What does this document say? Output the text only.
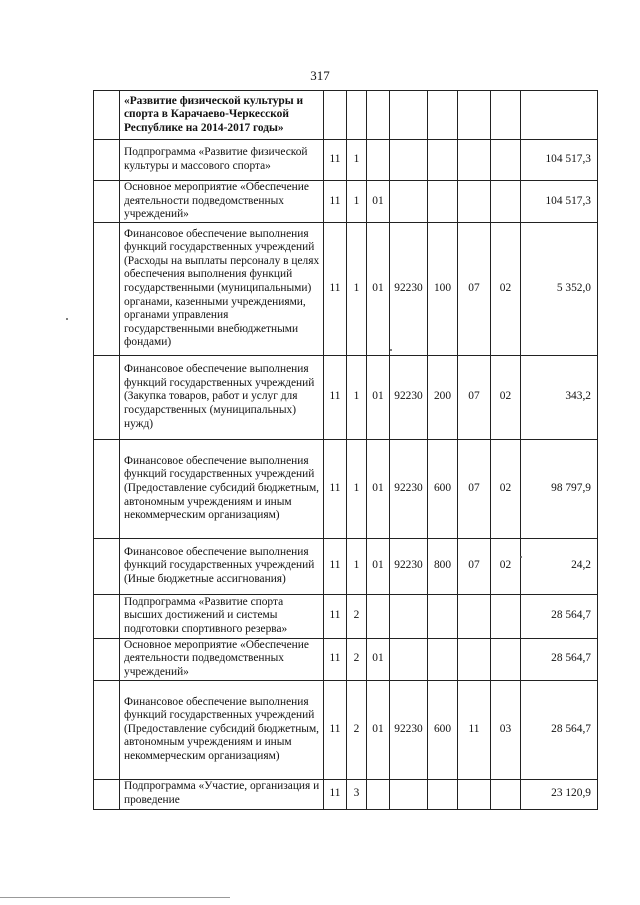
317
	«Развитие физической культуры и спорта в Карачаево-Черкесской Республике на 2014-2017 годы»								
	Подпрограмма «Развитие физической культуры и массового спорта»	11	1						104 517,3
	Основное мероприятие «Обеспечение деятельности подведомственных учреждений»	11	1	01					104 517,3
	Финансовое обеспечение выполнения функций государственных учреждений (Расходы на выплаты персоналу в целях обеспечения выполнения функций государственными (муниципальными) органами, казенными учреждениями, органами управления государственными внебюджетными фондами)	11	1	01	92230	100	07	02	5 352,0
	Финансовое обеспечение выполнения функций государственных учреждений (Закупка товаров, работ и услуг для государственных (муниципальных) нужд)	11	1	01	92230	200	07	02	343,2
	Финансовое обеспечение выполнения функций государственных учреждений (Предоставление субсидий бюджетным, автономным учреждениям и иным некоммерческим организациям)	11	1	01	92230	600	07	02	98 797,9
	Финансовое обеспечение выполнения функций государственных учреждений (Иные бюджетные ассигнования)	11	1	01	92230	800	07	02	24,2
	Подпрограмма «Развитие спорта высших достижений и системы подготовки спортивного резерва»	11	2						28 564,7
	Основное мероприятие «Обеспечение деятельности подведомственных учреждений»	11	2	01					28 564,7
	Финансовое обеспечение выполнения функций государственных учреждений (Предоставление субсидий бюджетным, автономным учреждениям и иным некоммерческим организациям)	11	2	01	92230	600	11	03	28 564,7
	Подпрограмма «Участие, организация и проведение	11	3						23 120,9
